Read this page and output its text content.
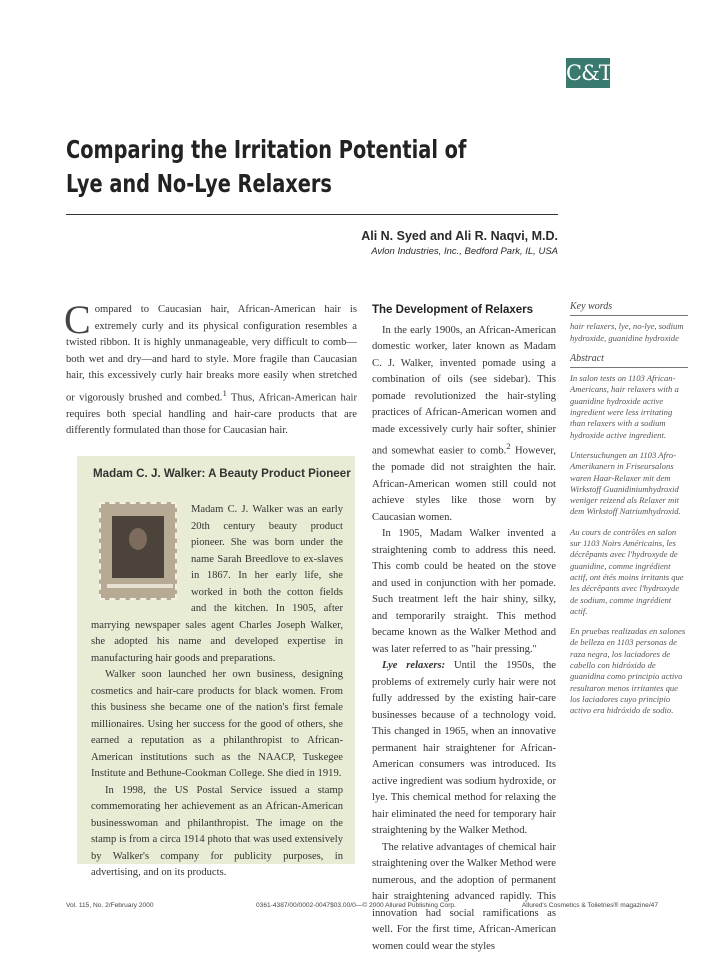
C&T
Comparing the Irritation Potential of
Lye and No-Lye Relaxers
Ali N. Syed and Ali R. Naqvi, M.D.
Avlon Industries, Inc., Bedford Park, IL, USA

Compared to Caucasian hair, African-American hair is extremely curly and its physical configuration resembles a twisted ribbon. It is highly unmanageable, very difficult to comb—both wet and dry—and hard to style. More fragile than Caucasian hair, this excessively curly hair breaks more easily when stretched or vigorously brushed and combed.$^1$ Thus, African-American hair requires both special handling and hair-care products that are differently formulated than those for Caucasian hair.

Madam C. J. Walker: A Beauty Product Pioneer

Madam C. J. Walker was an early 20th century beauty product pioneer. She was born under the name Sarah Breedlove to ex-slaves in 1867. In her early life, she worked in both the cotton fields and the kitchen. In 1905, after marrying newspaper sales agent Charles Joseph Walker, she adopted his name and developed expertise in manufacturing hair goods and preparations.

Walker soon launched her own business, designing cosmetics and hair-care products for black women. From this business she became one of the nation's first female millionaires. Using her success for the good of others, she earned a reputation as a philanthropist to African-American institutions such as the NAACP, Tuskegee Institute and Bethune-Cookman College. She died in 1919.

In 1998, the US Postal Service issued a stamp commemorating her achievement as an African-American businesswoman and philanthropist. The image on the stamp is from a circa 1914 photo that was used extensively by Walker's company for publicity purposes, in advertising, and on its products.

The Development of Relaxers

In the early 1900s, an African-American domestic worker, later known as Madam C. J. Walker, invented pomade using a combination of oils (see sidebar). This pomade revolutionized the hair-styling practices of African-American women and made excessively curly hair softer, shinier and somewhat easier to comb.$^2$ However, the pomade did not straighten the hair. African-American women still could not achieve styles like those worn by Caucasian women.

In 1905, Madam Walker invented a straightening comb to address this need. This comb could be heated on the stove and used in conjunction with her pomade. Such treatment left the hair shiny, silky, and temporarily straight. This method became known as the Walker Method and was later referred to as "hair pressing."

Lye relaxers: Until the 1950s, the problems of extremely curly hair were not fully addressed by the existing hair-care businesses because of a technology void. This changed in 1965, when an innovative permanent hair straightener for African-American consumers was introduced. Its active ingredient was sodium hydroxide, or lye. This chemical method for relaxing the hair eliminated the need for temporary hair straightening by the Walker Method.

The relative advantages of chemical hair straightening over the Walker Method were numerous, and the adoption of permanent hair straightening advanced rapidly. This innovation had social ramifications as well. For the first time, African-American women could wear the styles

Key words

hair relaxers, lye, no-lye, sodium hydroxide, guanidine hydroxide

Abstract

In salon tests on 1103 African-Americans, hair relaxers with a guanidine hydroxide active ingredient were less irritating than relaxers with a sodium hydroxide active ingredient.

Untersuchungen an 1103 Afro-Amerikanern in Friseursalons waren Haar-Relaxer mit dem Wirkstoff Guanidiniumhydroxid weniger reizend als Relaxer mit dem Wirkstoff Natriumhydroxid.

Au cours de contrôles en salon sur 1103 Noirs Américains, les décrêpants avec l'hydroxyde de guanidine, comme ingrédient actif, ont étés moins irritants que les décrêpants avec l'hydroxyde de sodium, comme ingrédient actif.

En pruebas realizadas en salones de belleza en 1103 personas de raza negra, los laciadores de cabello con hidróxido de guanidina como principio activo resultaron menos irritantes que los laciadores cuyo principio activo era hidróxido de sodio.

Vol. 115, No. 2/February 2000	0361-4387/00/0002-0047$03.00/0—© 2000 Allured Publishing Corp.	Allured's Cosmetics & Toiletries® magazine/47
